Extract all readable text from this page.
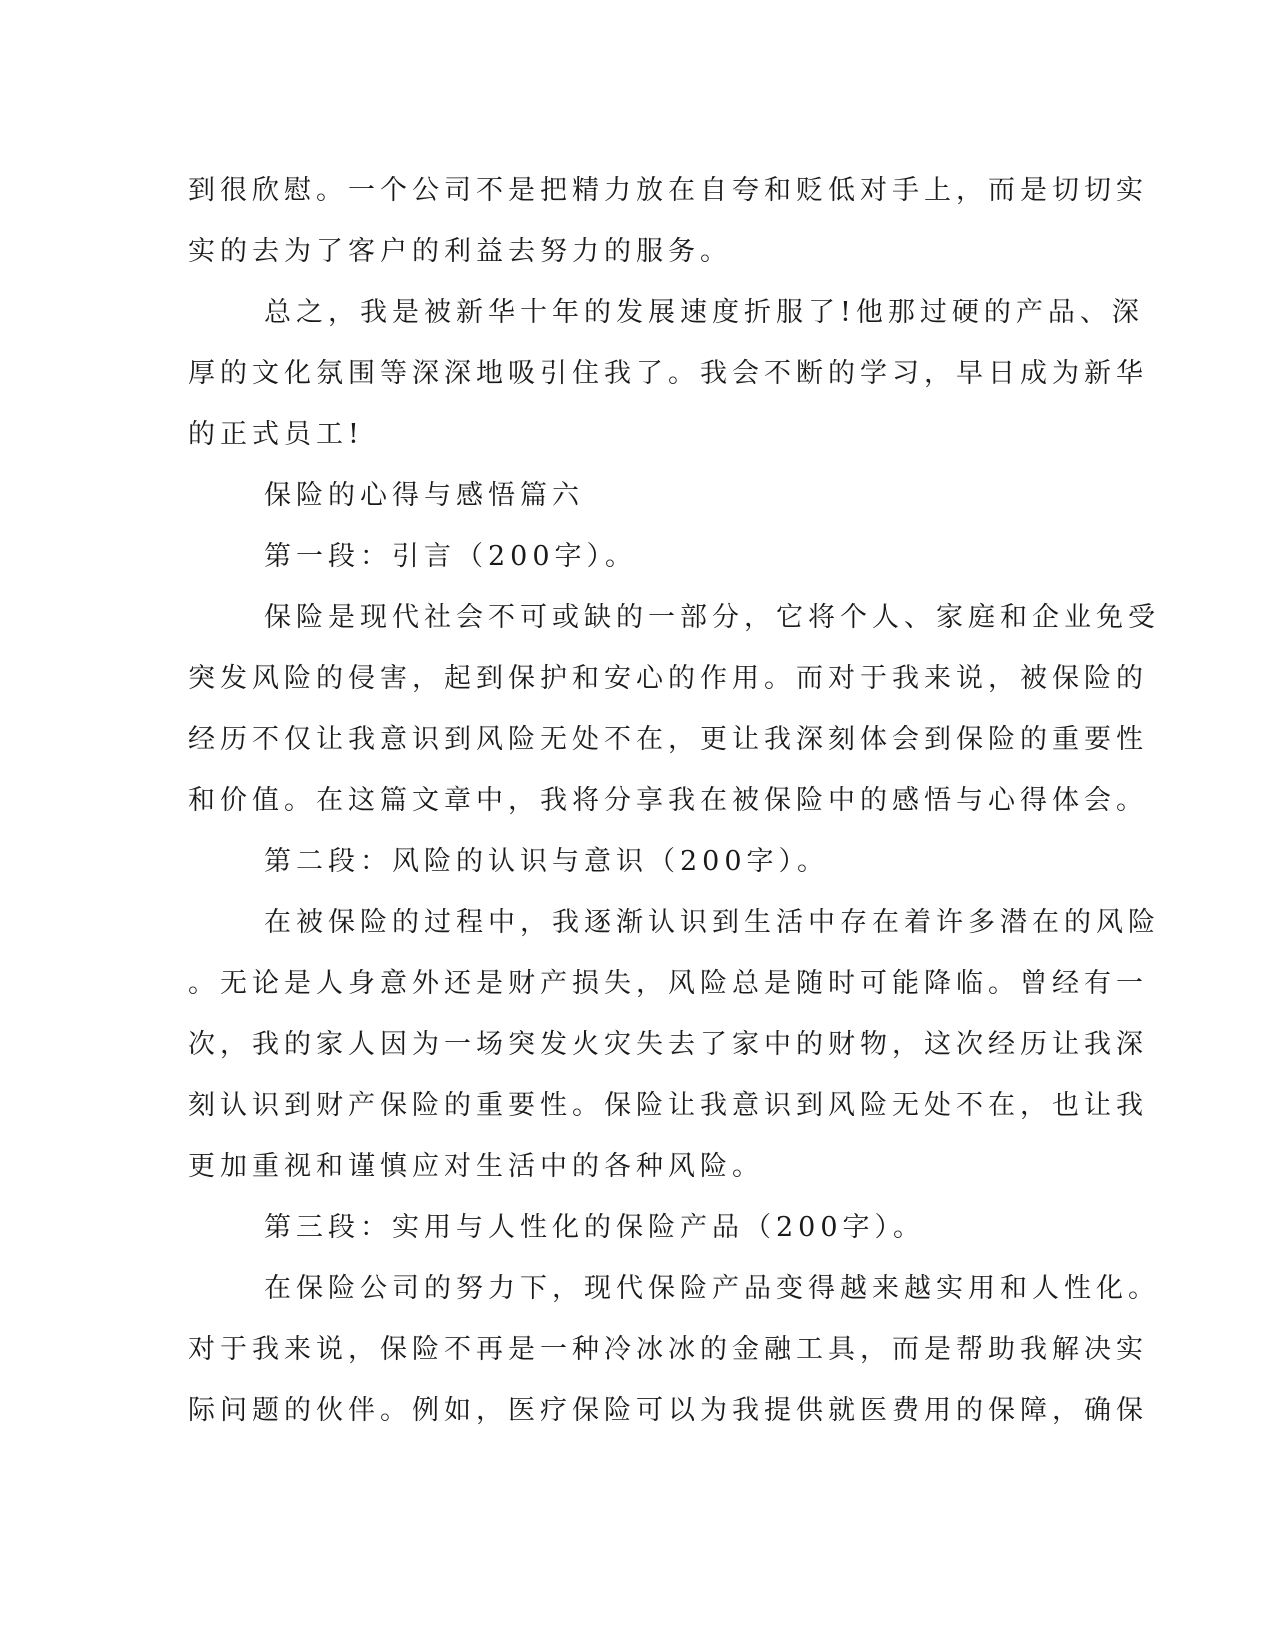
到很欣慰。一个公司不是把精力放在自夸和贬低对手上，而是切切实
实的去为了客户的利益去努力的服务。
总之，我是被新华十年的发展速度折服了!他那过硬的产品、深
厚的文化氛围等深深地吸引住我了。我会不断的学习，早日成为新华
的正式员工!
保险的心得与感悟篇六
第一段：引言（200字）。
保险是现代社会不可或缺的一部分，它将个人、家庭和企业免受
突发风险的侵害，起到保护和安心的作用。而对于我来说，被保险的
经历不仅让我意识到风险无处不在，更让我深刻体会到保险的重要性
和价值。在这篇文章中，我将分享我在被保险中的感悟与心得体会。
第二段：风险的认识与意识（200字）。
在被保险的过程中，我逐渐认识到生活中存在着许多潜在的风险
。无论是人身意外还是财产损失，风险总是随时可能降临。曾经有一
次，我的家人因为一场突发火灾失去了家中的财物，这次经历让我深
刻认识到财产保险的重要性。保险让我意识到风险无处不在，也让我
更加重视和谨慎应对生活中的各种风险。
第三段：实用与人性化的保险产品（200字）。
在保险公司的努力下，现代保险产品变得越来越实用和人性化。
对于我来说，保险不再是一种冷冰冰的金融工具，而是帮助我解决实
际问题的伙伴。例如，医疗保险可以为我提供就医费用的保障，确保
